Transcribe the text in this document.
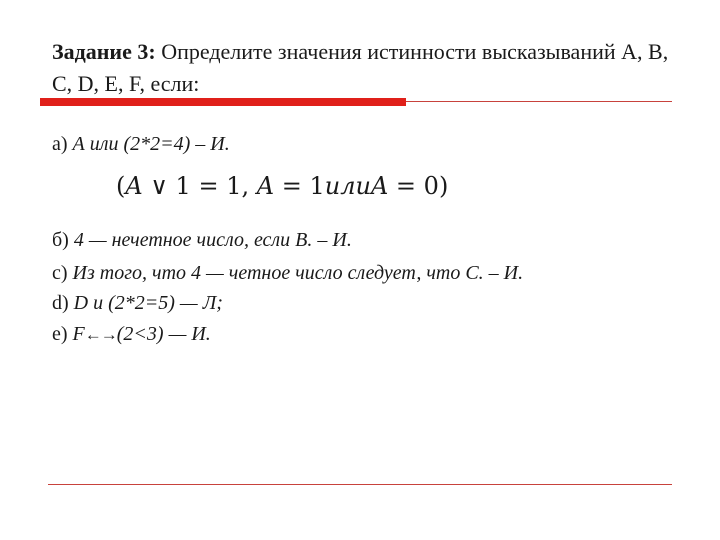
Задание 3: Определите значения истинности высказываний А, В, С, D, E, F, если:
а) А или (2*2=4) – И.
(A ∨ 1 = 1, A = 1илиA = 0)
б) 4 — нечетное число, если В. – И.
с) Из того, что 4 — четное число следует, что С. – И.
d) D и (2*2=5) — Л;
е) F←→(2<3) — И.
